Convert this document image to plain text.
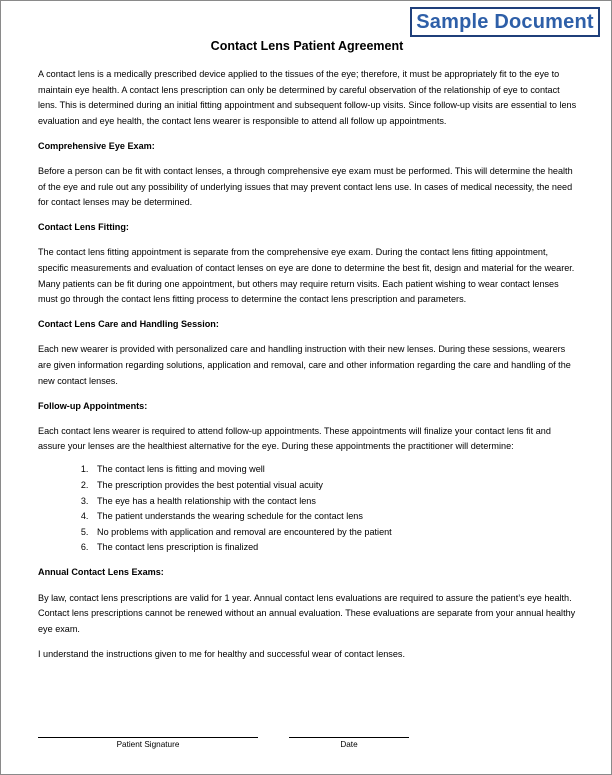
Sample Document
Contact Lens Patient Agreement

A contact lens is a medically prescribed device applied to the tissues of the eye; therefore, it must be appropriately fit to the eye to maintain eye health. A contact lens prescription can only be determined by careful observation of the relationship of eye to contact lens. This is determined during an initial fitting appointment and subsequent follow-up visits. Since follow-up visits are essential to lens evaluation and eye health, the contact lens wearer is responsible to attend all follow up appointments.

Comprehensive Eye Exam:

Before a person can be fit with contact lenses, a through comprehensive eye exam must be performed. This will determine the health of the eye and rule out any possibility of underlying issues that may prevent contact lens use. In cases of medical necessity, the need for contact lenses may be determined.

Contact Lens Fitting:

The contact lens fitting appointment is separate from the comprehensive eye exam. During the contact lens fitting appointment, specific measurements and evaluation of contact lenses on eye are done to determine the best fit, design and material for the wearer. Many patients can be fit during one appointment, but others may require return visits. Each patient wishing to wear contact lenses must go through the contact lens fitting process to determine the contact lens prescription and parameters.

Contact Lens Care and Handling Session:

Each new wearer is provided with personalized care and handling instruction with their new lenses. During these sessions, wearers are given information regarding solutions, application and removal, care and other information regarding the care and handling of the new contact lenses.

Follow-up Appointments:

Each contact lens wearer is required to attend follow-up appointments. These appointments will finalize your contact lens fit and assure your lenses are the healthiest alternative for the eye. During these appointments the practitioner will determine:

1. The contact lens is fitting and moving well
2. The prescription provides the best potential visual acuity
3. The eye has a health relationship with the contact lens
4. The patient understands the wearing schedule for the contact lens
5. No problems with application and removal are encountered by the patient
6. The contact lens prescription is finalized
Annual Contact Lens Exams:

By law, contact lens prescriptions are valid for 1 year. Annual contact lens evaluations are required to assure the patient’s eye health. Contact lens prescriptions cannot be renewed without an annual evaluation. These evaluations are separate from your annual healthy eye exam.

I understand the instructions given to me for healthy and successful wear of contact lenses.

Patient Signature	Date
